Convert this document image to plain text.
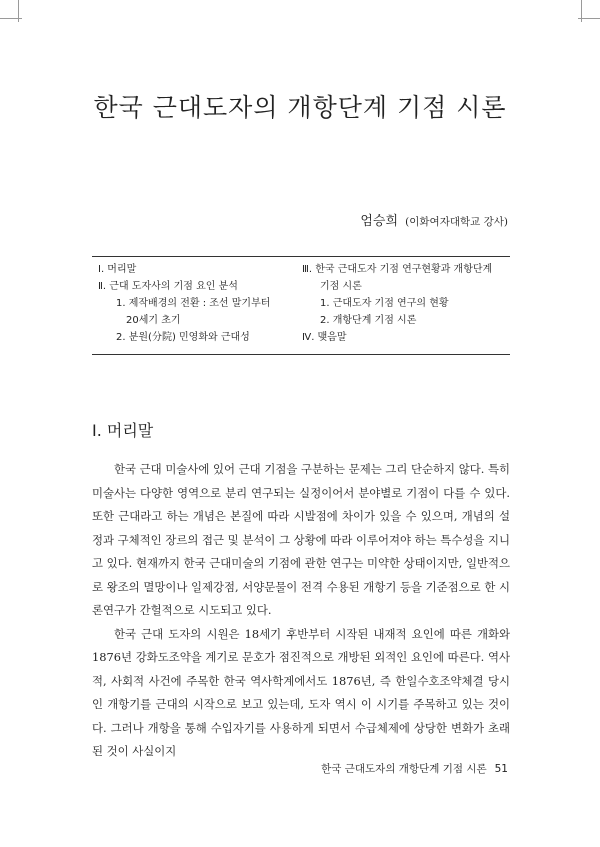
한국 근대도자의 개항단계 기점 시론
엄승희 (이화여자대학교 강사)
Ⅰ. 머리말
Ⅱ. 근대 도자사의 기점 요인 분석
1. 제작배경의 전환 : 조선 말기부터
20세기 초기
2. 분원(分院) 민영화와 근대성
Ⅲ. 한국 근대도자 기점 연구현황과 개항단계
기점 시론
1. 근대도자 기점 연구의 현황
2. 개항단계 기점 시론
Ⅳ. 맺음말
Ⅰ. 머리말

한국 근대 미술사에 있어 근대 기점을 구분하는 문제는 그리 단순하지 않다. 특히 미술사는 다양한 영역으로 분리 연구되는 실정이어서 분야별로 기점이 다를 수 있다. 또한 근대라고 하는 개념은 본질에 따라 시발점에 차이가 있을 수 있으며, 개념의 설정과 구체적인 장르의 접근 및 분석이 그 상황에 따라 이루어져야 하는 특수성을 지니고 있다. 현재까지 한국 근대미술의 기점에 관한 연구는 미약한 상태이지만, 일반적으로 왕조의 멸망이나 일제강점, 서양문물이 전격 수용된 개항기 등을 기준점으로 한 시론연구가 간헐적으로 시도되고 있다.

한국 근대 도자의 시원은 18세기 후반부터 시작된 내재적 요인에 따른 개화와 1876년 강화도조약을 계기로 문호가 점진적으로 개방된 외적인 요인에 따른다. 역사적, 사회적 사건에 주목한 한국 역사학계에서도 1876년, 즉 한일수호조약체결 당시인 개항기를 근대의 시작으로 보고 있는데, 도자 역시 이 시기를 주목하고 있는 것이다. 그러나 개항을 통해 수입자기를 사용하게 되면서 수급체제에 상당한 변화가 초래된 것이 사실이지

한국 근대도자의 개항단계 기점 시론 51
